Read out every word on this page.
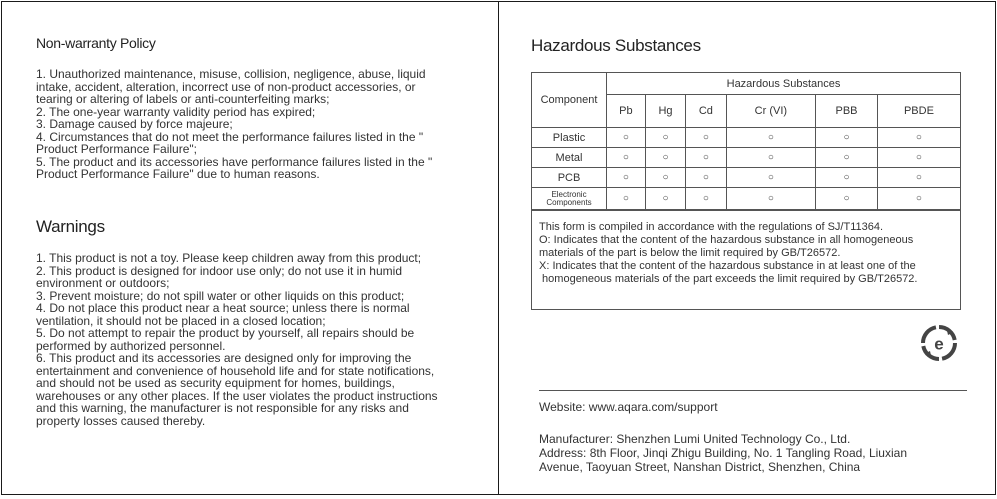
Non-warranty Policy
1. Unauthorized maintenance, misuse, collision, negligence, abuse, liquid
intake, accident, alteration, incorrect use of non-product accessories, or
tearing or altering of labels or anti-counterfeiting marks;
2. The one-year warranty validity period has expired;
3. Damage caused by force majeure;
4. Circumstances that do not meet the performance failures listed in the "
Product Performance Failure";
5. The product and its accessories have performance failures listed in the "
Product Performance Failure" due to human reasons.
Warnings
1. This product is not a toy. Please keep children away from this product;
2. This product is designed for indoor use only; do not use it in humid
environment or outdoors;
3. Prevent moisture; do not spill water or other liquids on this product;
4. Do not place this product near a heat source; unless there is normal
ventilation, it should not be placed in a closed location;
5. Do not attempt to repair the product by yourself, all repairs should be
performed by authorized personnel.
6. This product and its accessories are designed only for improving the
entertainment and convenience of household life and for state notifications,
and should not be used as security equipment for homes, buildings,
warehouses or any other places. If the user violates the product instructions
and this warning, the manufacturer is not responsible for any risks and
property losses caused thereby.
Hazardous Substances
Component	Hazardous Substances					
	Pb	Hg	Cd	Cr (VI)	PBB	PBDE
Plastic	○	○	○	○	○	○
Metal	○	○	○	○	○	○
PCB	○	○	○	○	○	○

Electronic
Components	○	○	○	○	○	○
This form is compiled in accordance with the regulations of SJ/T11364.
O: Indicates that the content of the hazardous substance in all homogeneous
materials of the part is below the limit required by GB/T26572.
X: Indicates that the content of the hazardous substance in at least one of the
homogeneous materials of the part exceeds the limit required by GB/T26572.
e
Website: www.aqara.com/support
Manufacturer: Shenzhen Lumi United Technology Co., Ltd.
Address: 8th Floor, Jinqi Zhigu Building, No. 1 Tangling Road, Liuxian
Avenue, Taoyuan Street, Nanshan District, Shenzhen, China
